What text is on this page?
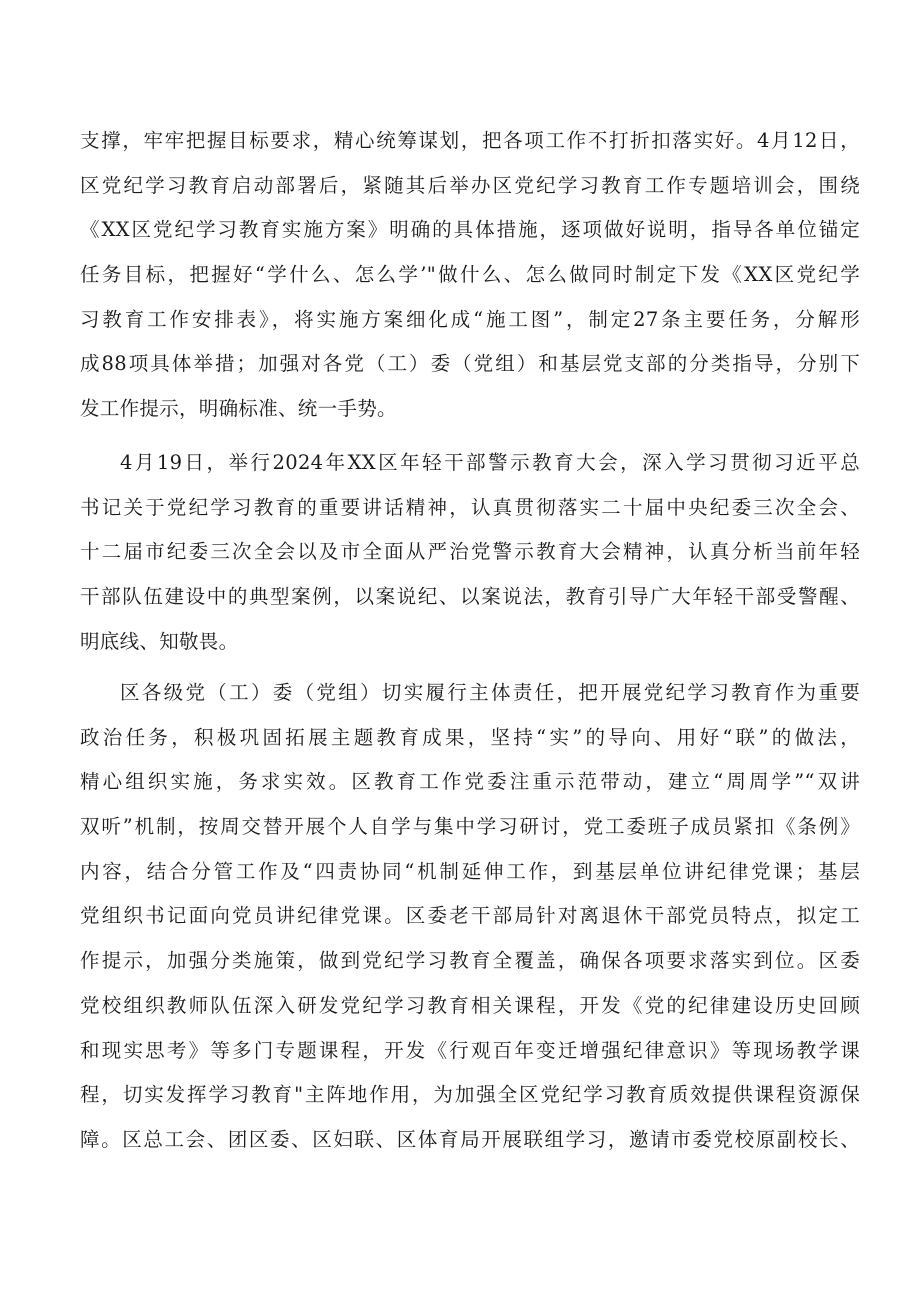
支撑，牢牢把握目标要求，精心统筹谋划，把各项工作不打折扣落实好。4月12日，
区党纪学习教育启动部署后，紧随其后举办区党纪学习教育工作专题培训会，围绕
《XX区党纪学习教育实施方案》明确的具体措施，逐项做好说明，指导各单位锚定
任务目标，把握好“学什么、怎么学’"做什么、怎么做同时制定下发《XX区党纪学
习教育工作安排表》，将实施方案细化成“施工图”，制定27条主要任务，分解形
成88项具体举措；加强对各党（工）委（党组）和基层党支部的分类指导，分别下
发工作提示，明确标准、统一手势。
4月19日，举行2024年XX区年轻干部警示教育大会，深入学习贯彻习近平总
书记关于党纪学习教育的重要讲话精神，认真贯彻落实二十届中央纪委三次全会、
十二届市纪委三次全会以及市全面从严治党警示教育大会精神，认真分析当前年轻
干部队伍建设中的典型案例，以案说纪、以案说法，教育引导广大年轻干部受警醒、
明底线、知敬畏。
区各级党（工）委（党组）切实履行主体责任，把开展党纪学习教育作为重要
政治任务，积极巩固拓展主题教育成果，坚持“实”的导向、用好“联”的做法，
精心组织实施，务求实效。区教育工作党委注重示范带动，建立“周周学”“双讲
双听”机制，按周交替开展个人自学与集中学习研讨，党工委班子成员紧扣《条例》
内容，结合分管工作及“四责协同“机制延伸工作，到基层单位讲纪律党课；基层
党组织书记面向党员讲纪律党课。区委老干部局针对离退休干部党员特点，拟定工
作提示，加强分类施策，做到党纪学习教育全覆盖，确保各项要求落实到位。区委
党校组织教师队伍深入研发党纪学习教育相关课程，开发《党的纪律建设历史回顾
和现实思考》等多门专题课程，开发《行观百年变迁增强纪律意识》等现场教学课
程，切实发挥学习教育"主阵地作用，为加强全区党纪学习教育质效提供课程资源保
障。区总工会、团区委、区妇联、区体育局开展联组学习，邀请市委党校原副校长、
